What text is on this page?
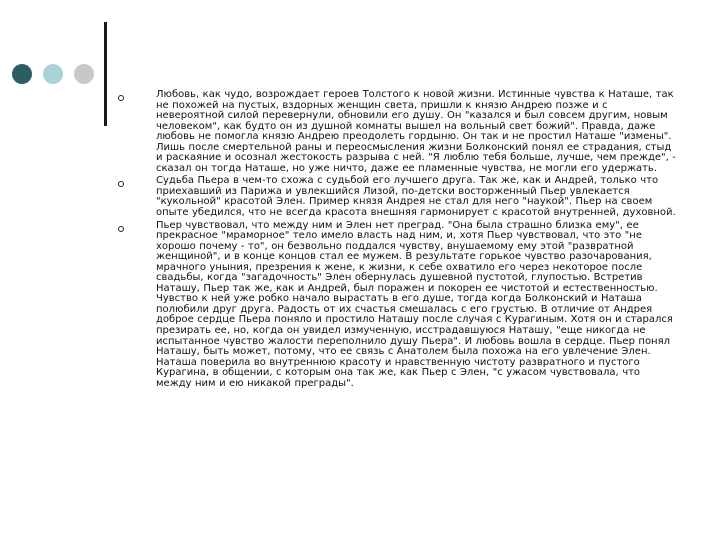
Любовь, как чудо, возрождает героев Толстого к новой жизни. Истинные чувства к Наташе, так не похожей на пустых, вздорных женщин света, пришли к князю Андрею позже и с невероятной силой перевернули, обновили его душу. Он "казался и был совсем другим, новым человеком", как будто он из душной комнаты вышел на вольный свет божий". Правда, даже любовь не помогла князю Андрею преодолеть гордыню. Он так и не простил Наташе "измены". Лишь после смертельной раны и переосмысления жизни Болконский понял ее страдания, стыд и раскаяние и осознал жестокость разрыва с ней. "Я люблю тебя больше, лучше, чем прежде", - сказал он тогда Наташе, но уже ничто, даже ее пламенные чувства, не могли его удержать.
Судьба Пьера в чем-то схожа с судьбой его лучшего друга. Так же, как и Андрей, только что приехавший из Парижа и увлекшийся Лизой, по-детски восторженный Пьер увлекается "кукольной" красотой Элен. Пример князя Андрея не стал для него "наукой". Пьер на своем опыте убедился, что не всегда красота внешняя гармонирует с красотой внутренней, духовной.
Пьер чувствовал, что между ним и Элен нет преград. "Она была страшно близка ему", ее прекрасное "мраморное" тело имело власть над ним, и, хотя Пьер чувствовал, что это "не хорошо почему - то", он безвольно поддался чувству, внушаемому ему этой "развратной женщиной", и в конце концов стал ее мужем. В результате горькое чувство разочарования, мрачного уныния, презрения к жене, к жизни, к себе охватило его через некоторое после свадьбы, когда "загадочность" Элен обернулась душевной пустотой, глупостью. Встретив Наташу, Пьер так же, как и Андрей, был поражен и покорен ее чистотой и естественностью. Чувство к ней уже робко начало вырастать в его душе, тогда когда Болконский и Наташа полюбили друг друга. Радость от их счастья смешалась с его грустью. В отличие от Андрея доброе сердце Пьера поняло и простило Наташу после случая с Курагиным. Хотя он и старался презирать ее, но, когда он увидел измученную, исстрадавшуюся Наташу, "еще никогда не испытанное чувство жалости переполнило душу Пьера". И любовь вошла в сердце. Пьер понял Наташу, быть может, потому, что ее связь с Анатолем была похожа на его увлечение Элен. Наташа поверила во внутреннюю красоту и нравственную чистоту развратного и пустого Курагина, в общении, с которым она так же, как Пьер с Элен, "с ужасом чувствовала, что между ним и ею никакой преграды".
